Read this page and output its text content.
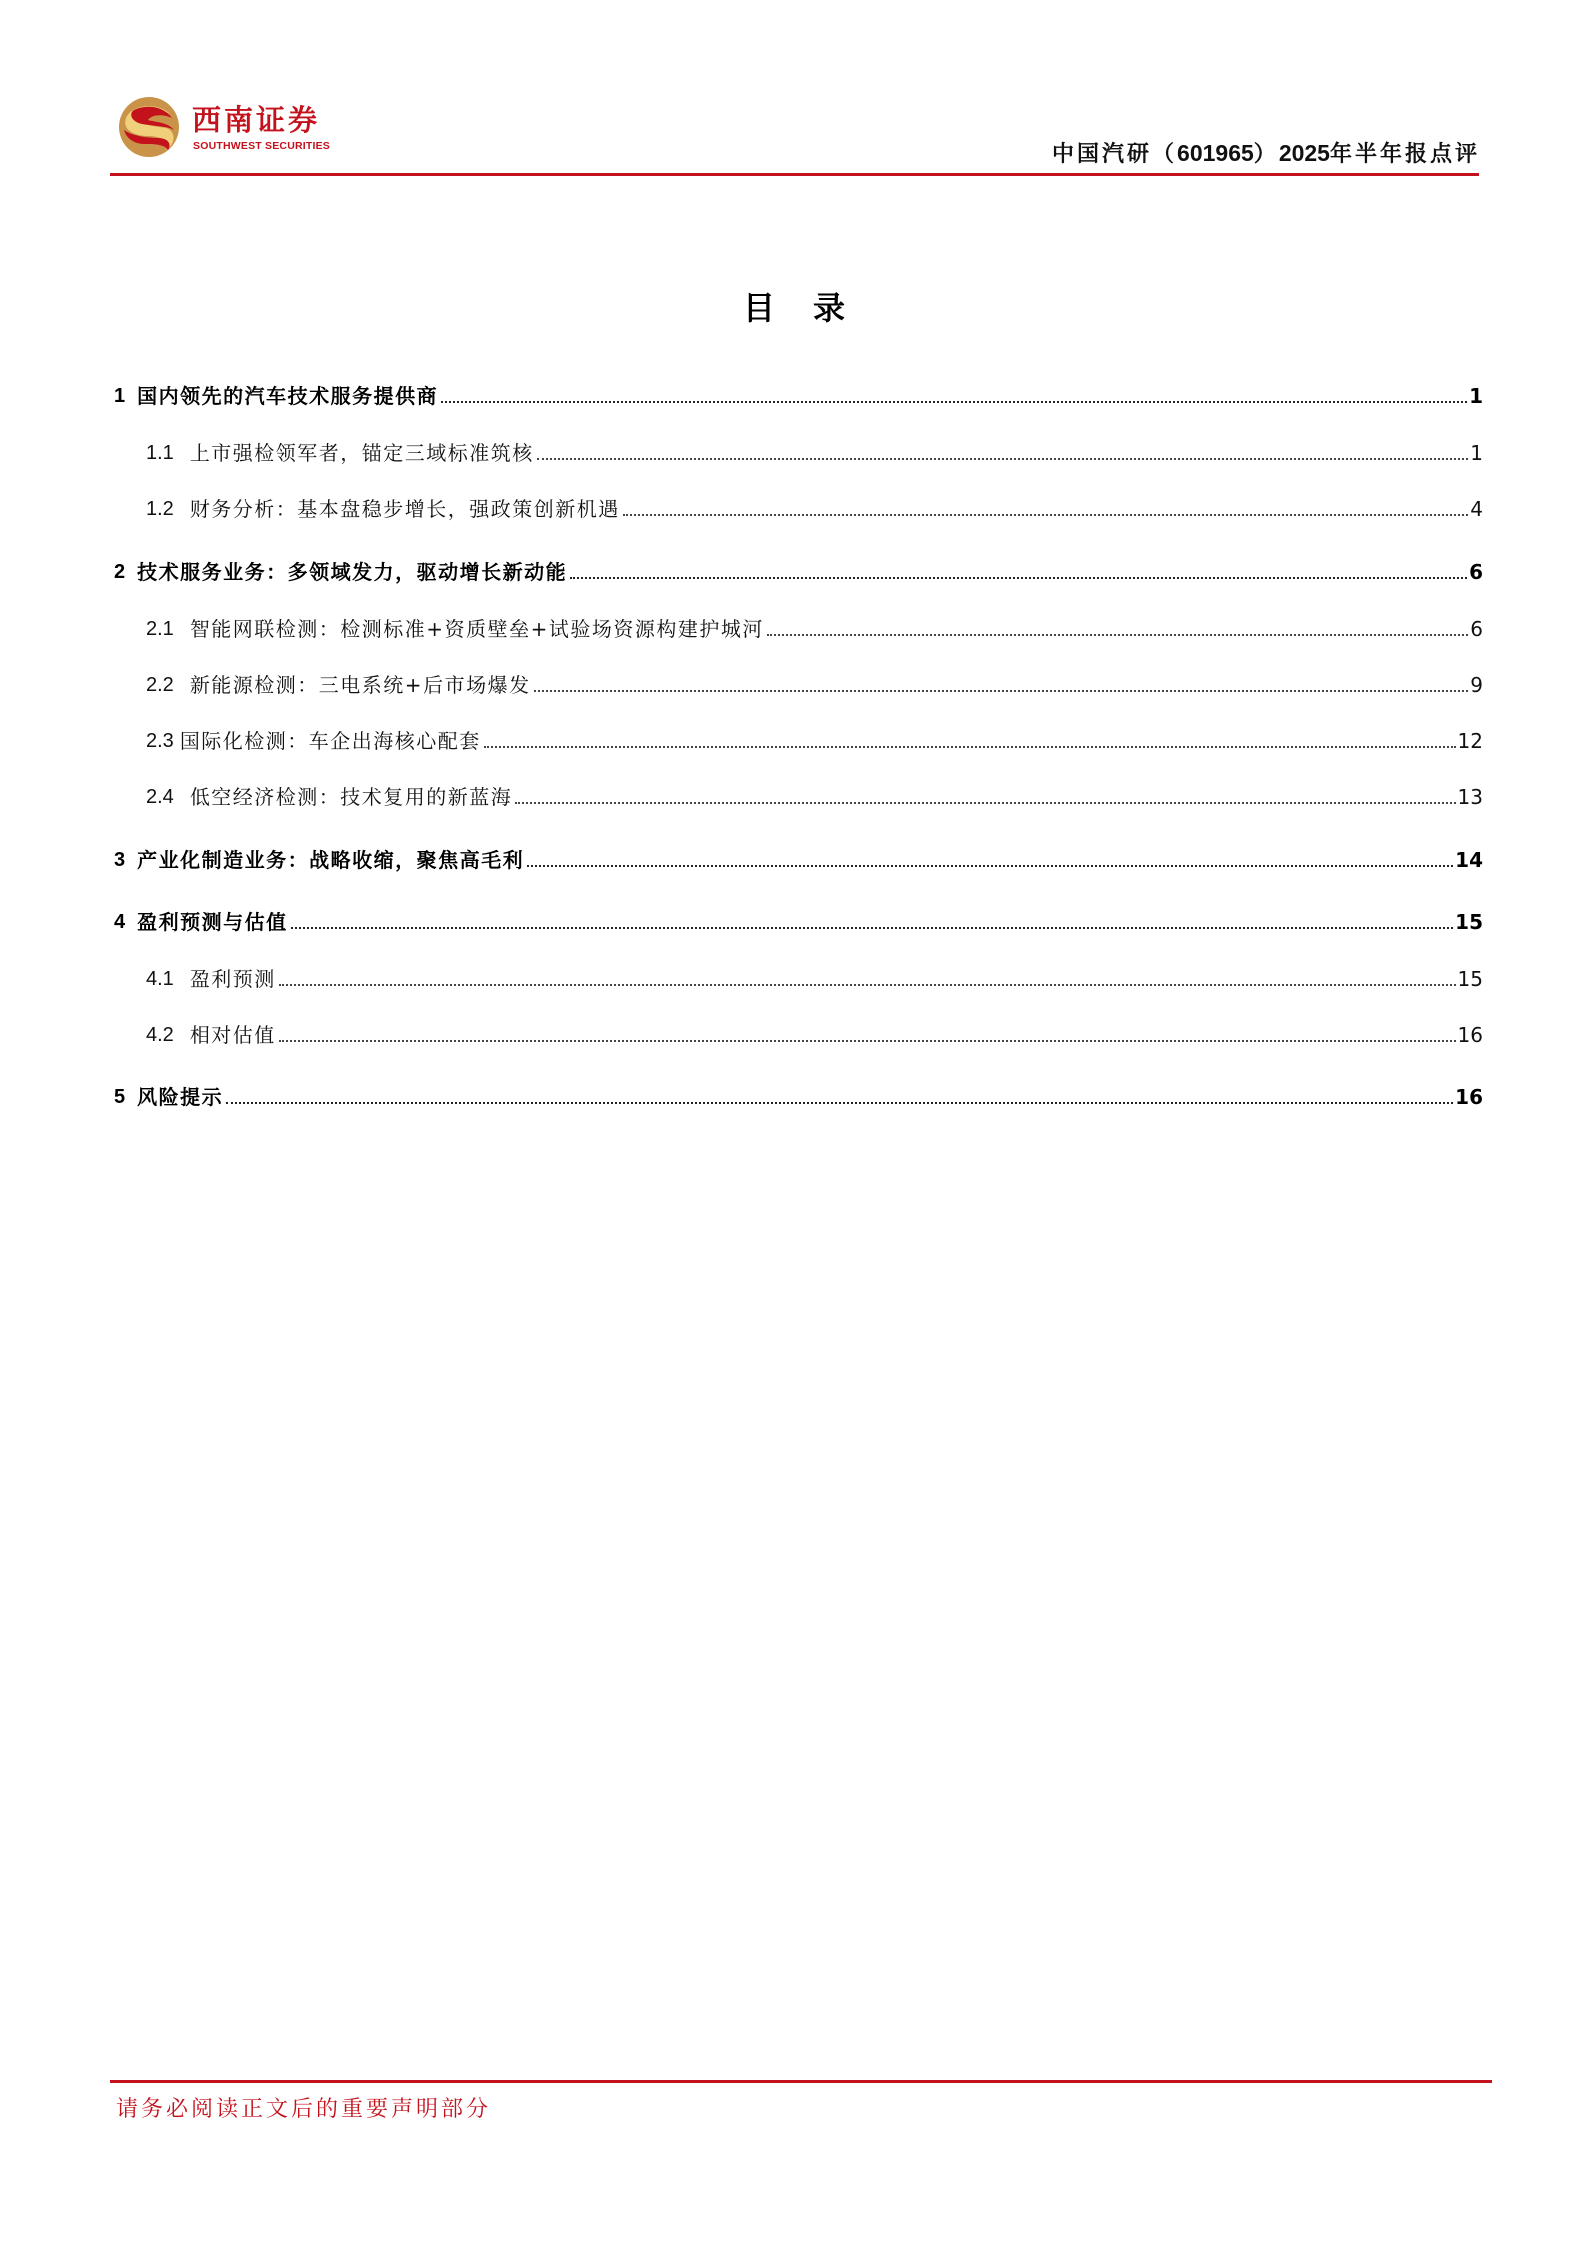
西南证券
SOUTHWEST SECURITIES	中国汽研（601965）2025年半年报点评
目录
1 国内领先的汽车技术服务提供商	1
1.1 上市强检领军者，锚定三域标准筑核	1
1.2 财务分析：基本盘稳步增长，强政策创新机遇	4
2 技术服务业务：多领域发力，驱动增长新动能	6
2.1 智能网联检测：检测标准+资质壁垒+试验场资源构建护城河	6
2.2 新能源检测：三电系统+后市场爆发	9
2.3 国际化检测：车企出海核心配套	12
2.4 低空经济检测：技术复用的新蓝海	13
3 产业化制造业务：战略收缩，聚焦高毛利	14
4 盈利预测与估值	15
4.1 盈利预测	15
4.2 相对估值	16
5 风险提示	16
请务必阅读正文后的重要声明部分
